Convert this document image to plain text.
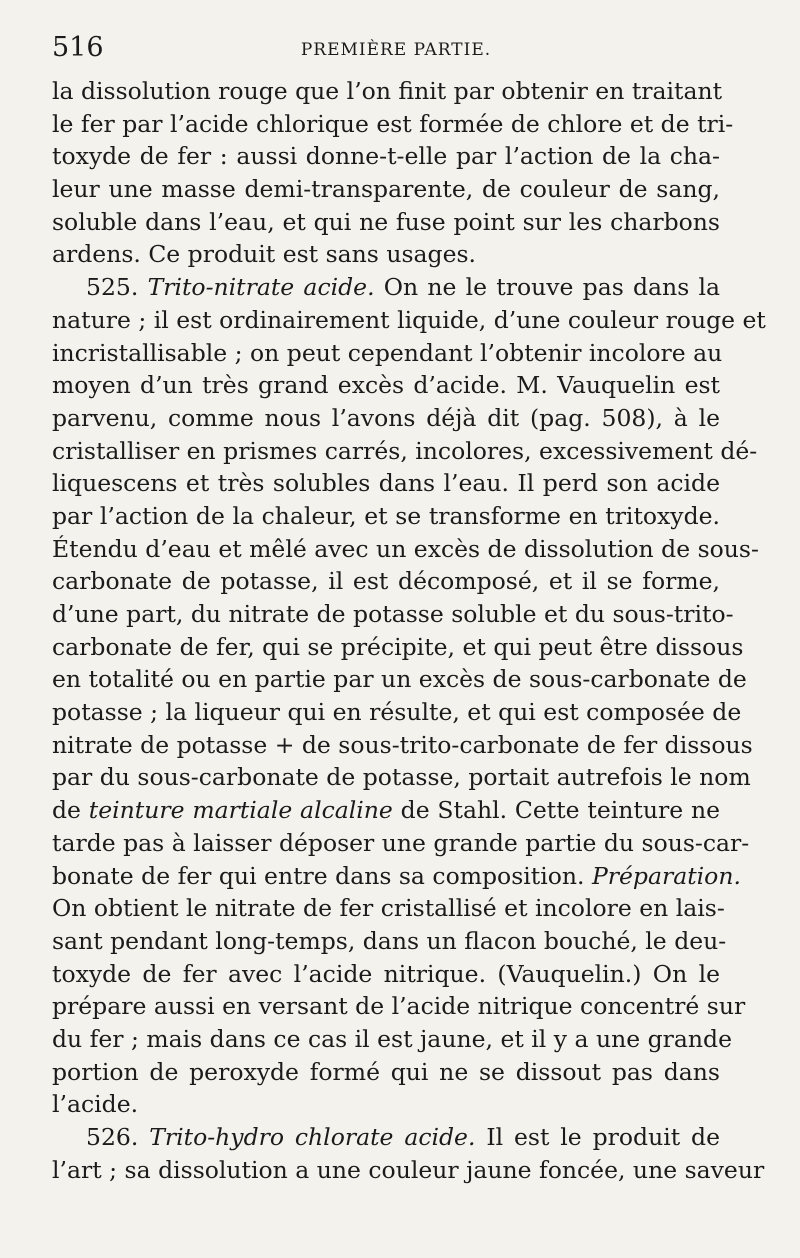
516	PREMIÈRE PARTIE.
la dissolution rouge que l’on finit par obtenir en traitant
le fer par l’acide chlorique est formée de chlore et de tri-
toxyde de fer : aussi donne-t-elle par l’action de la cha-
leur une masse demi-transparente, de couleur de sang,
soluble dans l’eau, et qui ne fuse point sur les charbons
ardens. Ce produit est sans usages.
525. Trito-nitrate acide. On ne le trouve pas dans la
nature ; il est ordinairement liquide, d’une couleur rouge et
incristallisable ; on peut cependant l’obtenir incolore au
moyen d’un très grand excès d’acide. M. Vauquelin est
parvenu, comme nous l’avons déjà dit (pag. 508), à le
cristalliser en prismes carrés, incolores, excessivement dé-
liquescens et très solubles dans l’eau. Il perd son acide
par l’action de la chaleur, et se transforme en tritoxyde.
Étendu d’eau et mêlé avec un excès de dissolution de sous-
carbonate de potasse, il est décomposé, et il se forme,
d’une part, du nitrate de potasse soluble et du sous-trito-
carbonate de fer, qui se précipite, et qui peut être dissous
en totalité ou en partie par un excès de sous-carbonate de
potasse ; la liqueur qui en résulte, et qui est composée de
nitrate de potasse + de sous-trito-carbonate de fer dissous
par du sous-carbonate de potasse, portait autrefois le nom
de teinture martiale alcaline de Stahl. Cette teinture ne
tarde pas à laisser déposer une grande partie du sous-car-
bonate de fer qui entre dans sa composition. Préparation.
On obtient le nitrate de fer cristallisé et incolore en lais-
sant pendant long-temps, dans un flacon bouché, le deu-
toxyde de fer avec l’acide nitrique. (Vauquelin.) On le
prépare aussi en versant de l’acide nitrique concentré sur
du fer ; mais dans ce cas il est jaune, et il y a une grande
portion de peroxyde formé qui ne se dissout pas dans
l’acide.
526. Trito-hydro chlorate acide. Il est le produit de
l’art ; sa dissolution a une couleur jaune foncée, une saveur
